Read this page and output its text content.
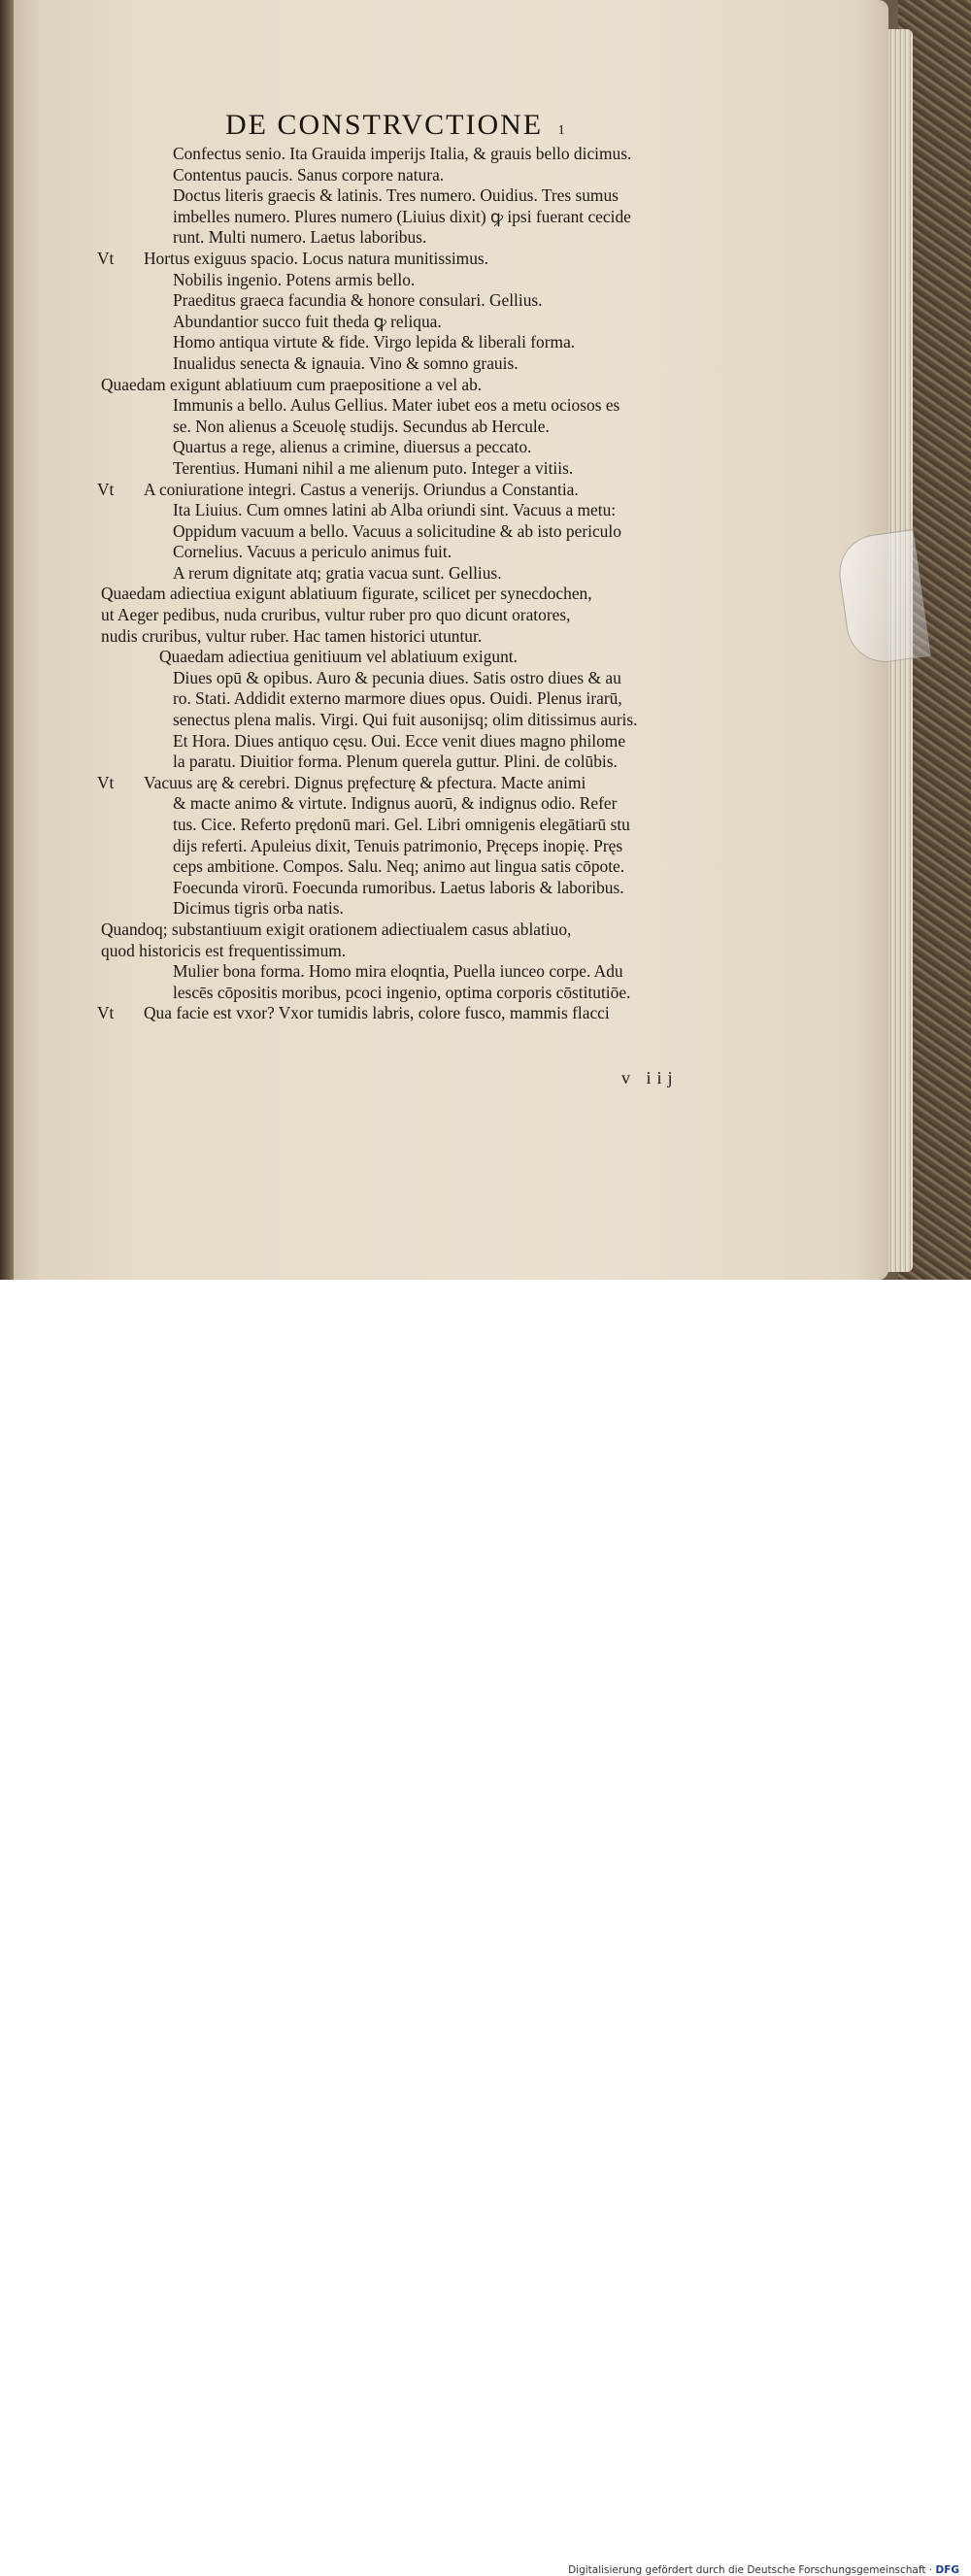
DE CONSTRVCTIONE 1
Confectus senio. Ita Grauida imperijs Italia, & grauis bello dicimus.
Contentus paucis. Sanus corpore natura.
Doctus literis graecis & latinis. Tres numero. Ouidius. Tres sumus
imbelles numero. Plures numero (Liuius dixit) ꝙ ipsi fuerant cecide
runt. Multi numero. Laetus laboribus.
Vt Hortus exiguus spacio. Locus natura munitissimus.
Nobilis ingenio. Potens armis bello.
Praeditus graeca facundia & honore consulari. Gellius.
Abundantior succo fuit theda ꝙ reliqua.
Homo antiqua virtute & fide. Virgo lepida & liberali forma.
Inualidus senecta & ignauia. Vino & somno grauis.
Quaedam exigunt ablatiuum cum praepositione a vel ab.
Immunis a bello. Aulus Gellius. Mater iubet eos a metu ociosos es
se. Non alienus a Sceuolę studijs. Secundus ab Hercule.
Quartus a rege, alienus a crimine, diuersus a peccato.
Terentius. Humani nihil a me alienum puto. Integer a vitiis.
Vt A coniuratione integri. Castus a venerijs. Oriundus a Constantia.
Ita Liuius. Cum omnes latini ab Alba oriundi sint. Vacuus a metu:
Oppidum vacuum a bello. Vacuus a solicitudine & ab isto periculo
Cornelius. Vacuus a periculo animus fuit.
A rerum dignitate atq; gratia vacua sunt. Gellius.
Quaedam adiectiua exigunt ablatiuum figurate, scilicet per synecdochen,
ut Aeger pedibus, nuda cruribus, vultur ruber pro quo dicunt oratores,
nudis cruribus, vultur ruber. Hac tamen historici utuntur.
Quaedam adiectiua genitiuum vel ablatiuum exigunt.
Diues opū & opibus. Auro & pecunia diues. Satis ostro diues & au
ro. Stati. Addidit externo marmore diues opus. Ouidi. Plenus irarū,
senectus plena malis. Virgi. Qui fuit ausonijsq; olim ditissimus auris.
Et Hora. Diues antiquo cęsu. Oui. Ecce venit diues magno philome
la paratu. Diuitior forma. Plenum querela guttur. Plini. de colūbis.
Vt Vacuus arę & cerebri. Dignus pręfecturę & pfectura. Macte animi
& macte animo & virtute. Indignus auorū, & indignus odio. Refer
tus. Cice. Referto prędonū mari. Gel. Libri omnigenis elegātiarū stu
dijs referti. Apuleius dixit, Tenuis patrimonio, Pręceps inopię. Pręs
ceps ambitione. Compos. Salu. Neq; animo aut lingua satis cōpote.
Foecunda virorū. Foecunda rumoribus. Laetus laboris & laboribus.
Dicimus tigris orba natis.
Quandoq; substantiuum exigit orationem adiectiualem casus ablatiuo,
quod historicis est frequentissimum.
Mulier bona forma. Homo mira eloqntia, Puella iunceo corpe. Adu
lescēs cōpositis moribus, pcoci ingenio, optima corporis cōstitutiōe.
Vt Qua facie est vxor? Vxor tumidis labris, colore fusco, mammis flacci
v iij
Digitalisierung gefördert durch die Deutsche Forschungsgemeinschaft · DFG
